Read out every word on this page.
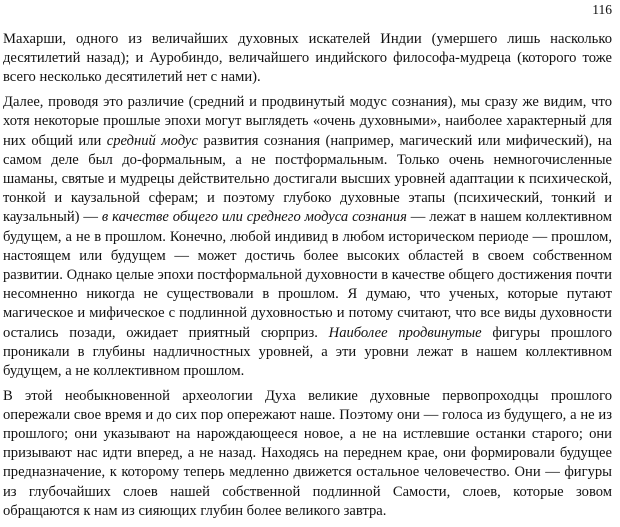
116

Махарши, одного из величайших духовных искателей Индии (умершего лишь насколько десятилетий назад); и Ауробиндо, величайшего индийского философа-мудреца (которого тоже всего несколько десятилетий нет с нами).

Далее, проводя это различие (средний и продвинутый модус сознания), мы сразу же видим, что хотя некоторые прошлые эпохи могут выглядеть «очень духовными», наиболее характерный для них общий или средний модус развития сознания (например, магический или мифический), на самом деле был до-формальным, а не постформальным. Только очень немногочисленные шаманы, святые и мудрецы действительно достигали высших уровней адаптации к психической, тонкой и каузальной сферам; и поэтому глубоко духовные этапы (психический, тонкий и каузальный) — в качестве общего или среднего модуса сознания — лежат в нашем коллективном будущем, а не в прошлом. Конечно, любой индивид в любом историческом периоде — прошлом, настоящем или будущем — может достичь более высоких областей в своем собственном развитии. Однако целые эпохи постформальной духовности в качестве общего достижения почти несомненно никогда не существовали в прошлом. Я думаю, что ученых, которые путают магическое и мифическое с подлинной духовностью и потому считают, что все виды духовности остались позади, ожидает приятный сюрприз. Наиболее продвинутые фигуры прошлого проникали в глубины надличностных уровней, а эти уровни лежат в нашем коллективном будущем, а не коллективном прошлом.

В этой необыкновенной археологии Духа великие духовные первопроходцы прошлого опережали свое время и до сих пор опережают наше. Поэтому они — голоса из будущего, а не из прошлого; они указывают на нарождающееся новое, а не на истлевшие останки старого; они призывают нас идти вперед, а не назад. Находясь на переднем крае, они формировали будущее предназначение, к которому теперь медленно движется остальное человечество. Они — фигуры из глубочайших слоев нашей собственной подлинной Самости, слоев, которые зовом обращаются к нам из сияющих глубин более великого завтра.
